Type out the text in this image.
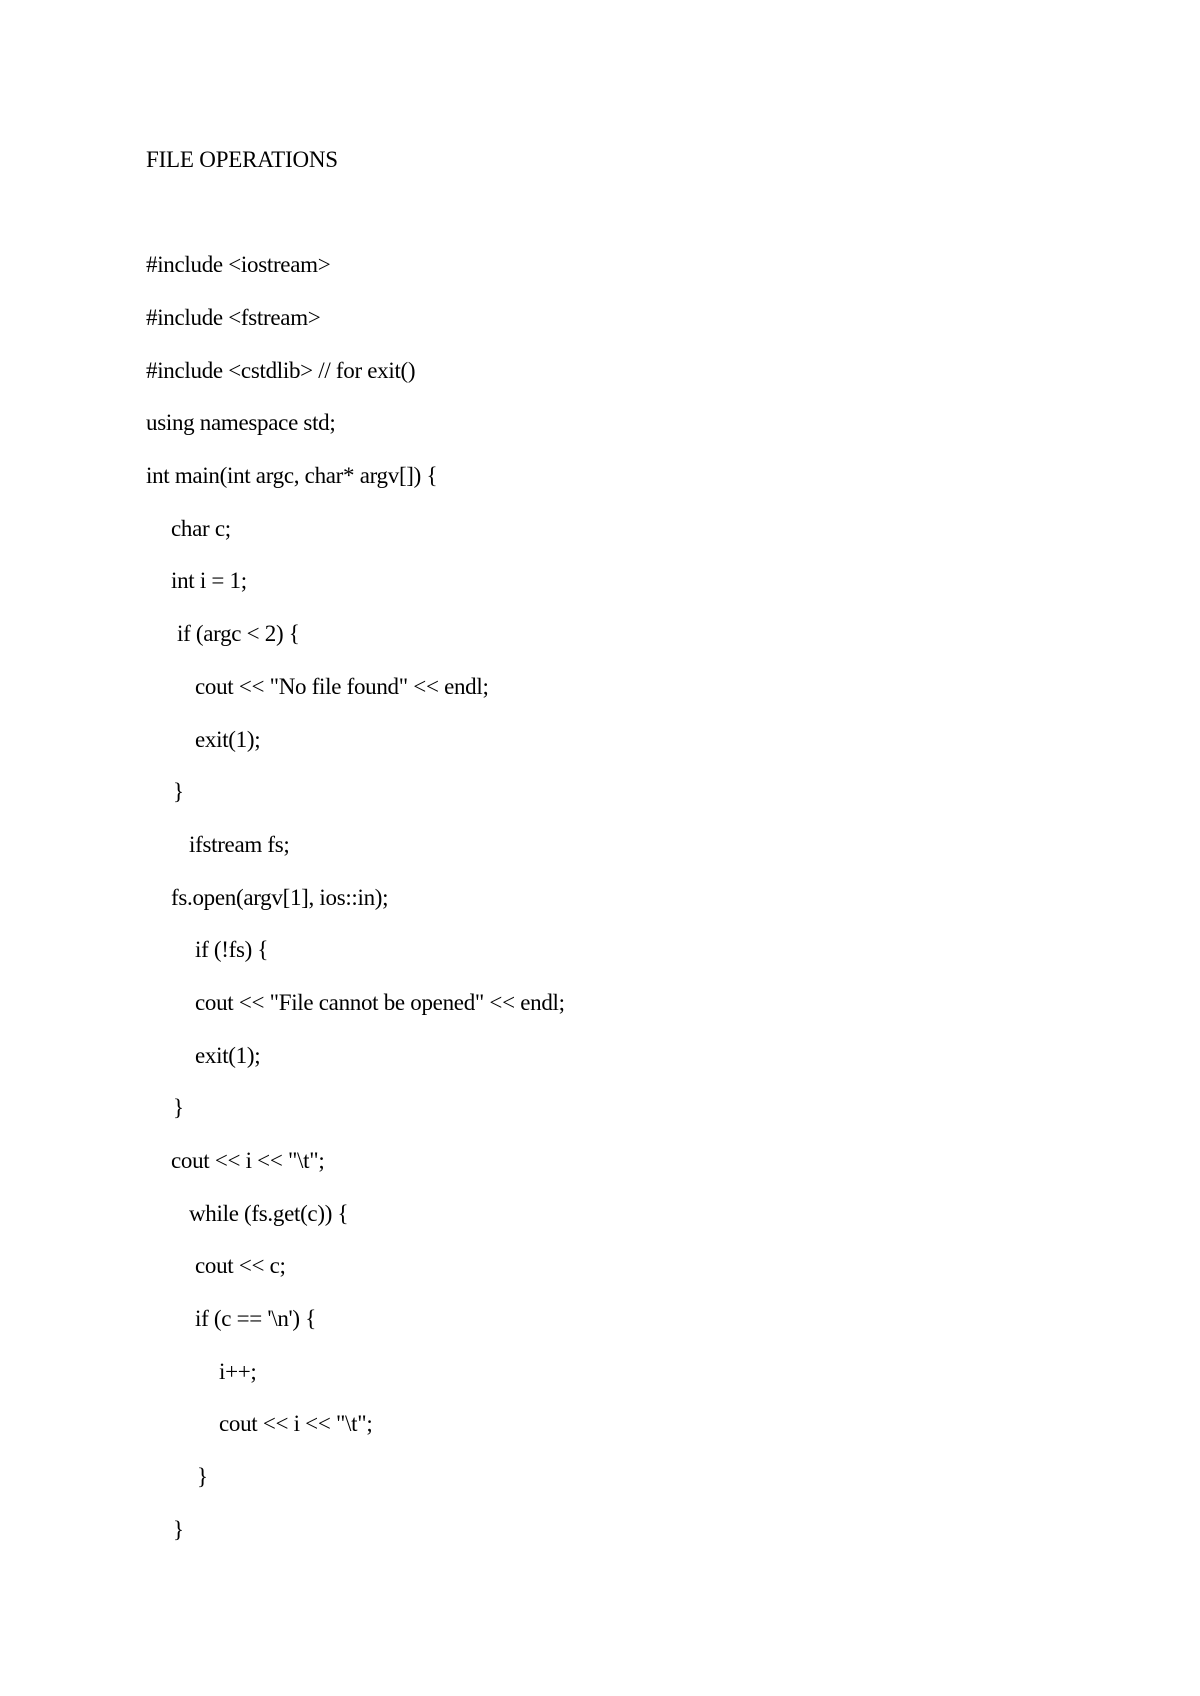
FILE OPERATIONS
#include <iostream>
#include <fstream>
#include <cstdlib> // for exit()
using namespace std;
int main(int argc, char* argv[]) {
char c;
int i = 1;
if (argc < 2) {
cout << "No file found" << endl;
exit(1);
}
ifstream fs;
fs.open(argv[1], ios::in);
if (!fs) {
cout << "File cannot be opened" << endl;
exit(1);
}
cout << i << "\t";
while (fs.get(c)) {
cout << c;
if (c == '\n') {
i++;
cout << i << "\t";
}
}
